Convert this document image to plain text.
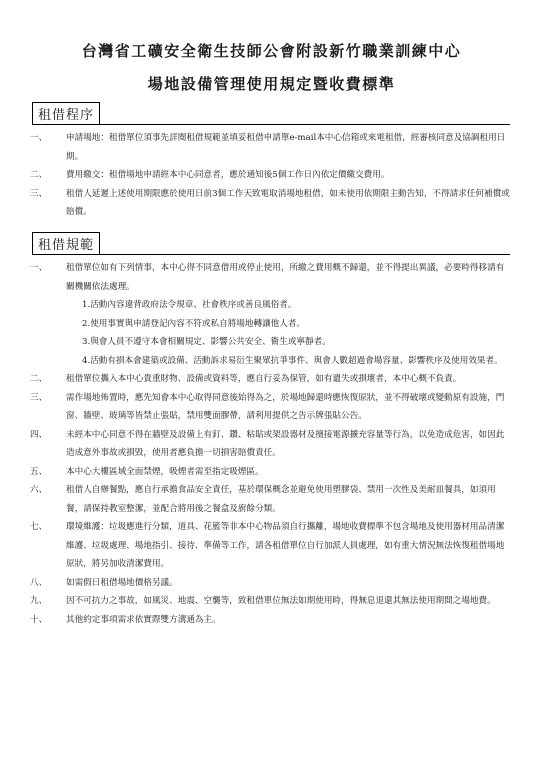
台灣省工礦安全衛生技師公會附設新竹職業訓練中心
場地設備管理使用規定暨收費標準
租借程序
一、	申請場地：租借單位須事先詳閱租借規範並填妥租借申請單e-mail本中心信箱或來電租借，經審核同意及協調租用日期。
二、	費用繳交：租借場地申請經本中心同意者，應於通知後5個工作日內依定價繳交費用。
三、	租借人延遲上述使用期限應於使用日前3個工作天致電取消場地租借，如未使用依期限主動告知，不得請求任何補償或賠償。
租借規範
一、	租借單位如有下列情事，本中心得不同意借用或停止使用，所繳之費用概不歸還，並不得提出異議，必要時得移請有關機關依法處理。
1.活動內容違背政府法令規章、社會秩序或善良風俗者。
2.使用事實與申請登記內容不符或私自將場地轉讓他人者。
3.與會人員不遵守本會相關規定、影響公共安全、衛生或寧靜者。
4.活動有損本會建築或設備、活動訴求易衍生聚眾抗爭事件、與會人數超過會場容量、影響秩序及使用效果者。
二、	租借單位攜入本中心貴重財物、設備或資料等，應自行妥為保管，如有遺失或損壞者，本中心概不負責。
三、	需作場地佈置時，應先知會本中心取得同意後始得為之，於場地歸還時應恢復原狀，並不得破壞或變動原有設施，門窗、牆壁、玻璃等皆禁止張貼，禁用雙面膠帶，請利用提供之告示牌張貼公告。
四、	未經本中心同意不得在牆壁及設備上有釘、鑽、粘貼或架設器材及擅接電源擴充容量等行為，以免造成危害，如因此造成意外事故或損毀，使用者應負擔一切損害賠償責任。
五、	本中心大樓區域全面禁煙，吸煙者需至指定吸煙區。
六、	租借人自辦餐點，應自行承擔食品安全責任，基於環保概念並避免使用塑膠袋、禁用一次性及美耐皿餐具，如須用餐，請保持教室整潔，並配合將用後之餐盒及廚餘分類。
七、	環境維護：垃圾應進行分類，道具、花籃等非本中心物品須自行攜離，場地收費標準不包含場地及使用器材用品清潔維護、垃圾處理、場地指引、接待、準備等工作，請各租借單位自行加派人員處理，如有重大情況無法恢復租借場地原狀，將另加收清潔費用。
八、	如需假日租借場地價格另議。
九、	因不可抗力之事故，如風災、地震、空襲等，致租借單位無法如期使用時，得無息退還其無法使用期間之場地費。
十、	其他約定事項需求依實際雙方溝通為主。
